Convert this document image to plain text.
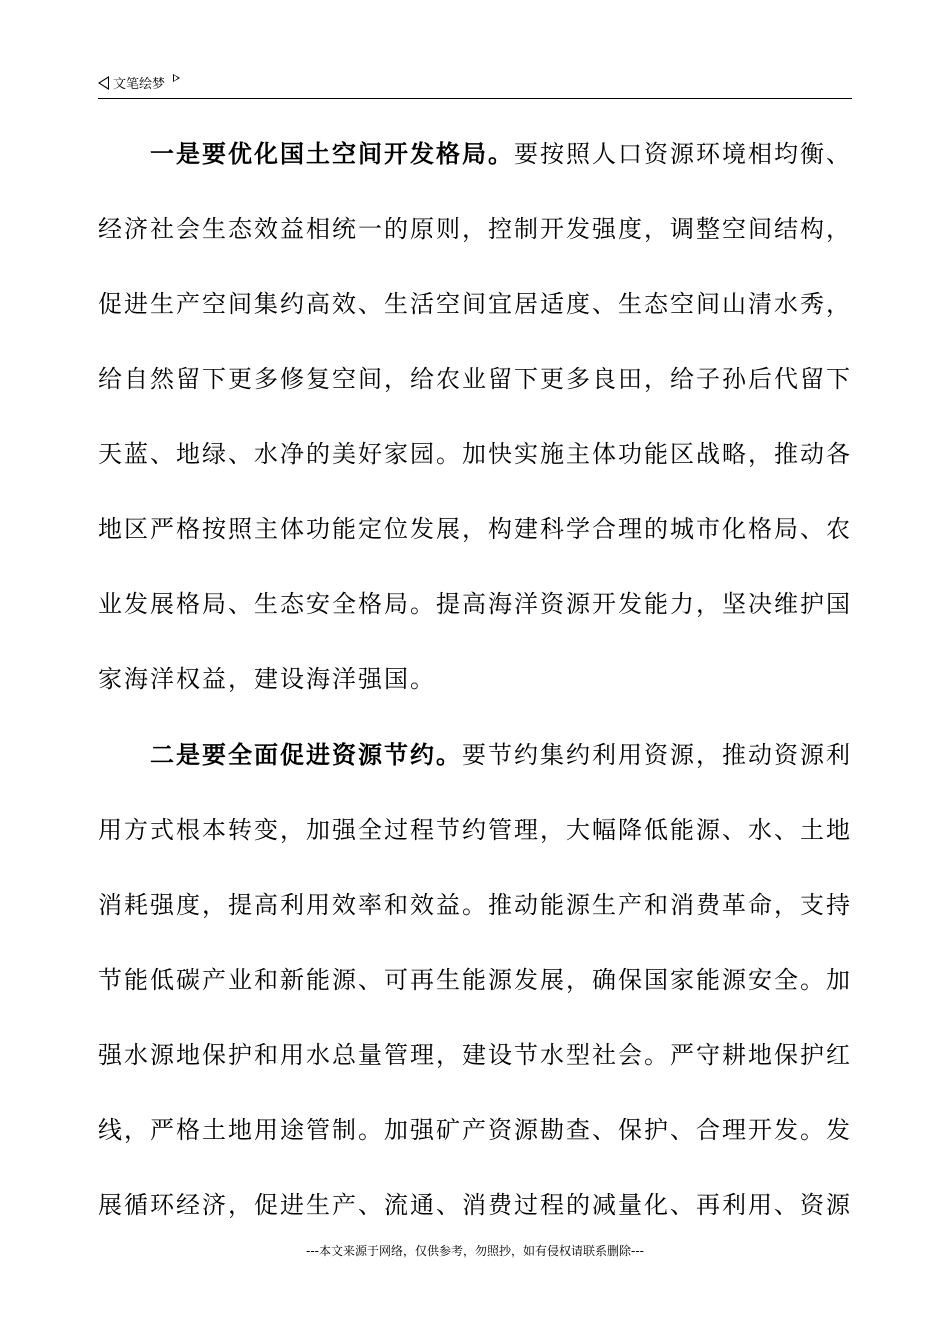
文笔绘梦

一是要优化国土空间开发格局。要按照人口资源环境相均衡、经济社会生态效益相统一的原则，控制开发强度，调整空间结构，促进生产空间集约高效、生活空间宜居适度、生态空间山清水秀，给自然留下更多修复空间，给农业留下更多良田，给子孙后代留下天蓝、地绿、水净的美好家园。加快实施主体功能区战略，推动各地区严格按照主体功能定位发展，构建科学合理的城市化格局、农业发展格局、生态安全格局。提高海洋资源开发能力，坚决维护国家海洋权益，建设海洋强国。

二是要全面促进资源节约。要节约集约利用资源，推动资源利用方式根本转变，加强全过程节约管理，大幅降低能源、水、土地消耗强度，提高利用效率和效益。推动能源生产和消费革命，支持节能低碳产业和新能源、可再生能源发展，确保国家能源安全。加强水源地保护和用水总量管理，建设节水型社会。严守耕地保护红线，严格土地用途管制。加强矿产资源勘查、保护、合理开发。发展循环经济，促进生产、流通、消费过程的减量化、再利用、资源

---本文来源于网络，仅供参考，勿照抄，如有侵权请联系删除---
